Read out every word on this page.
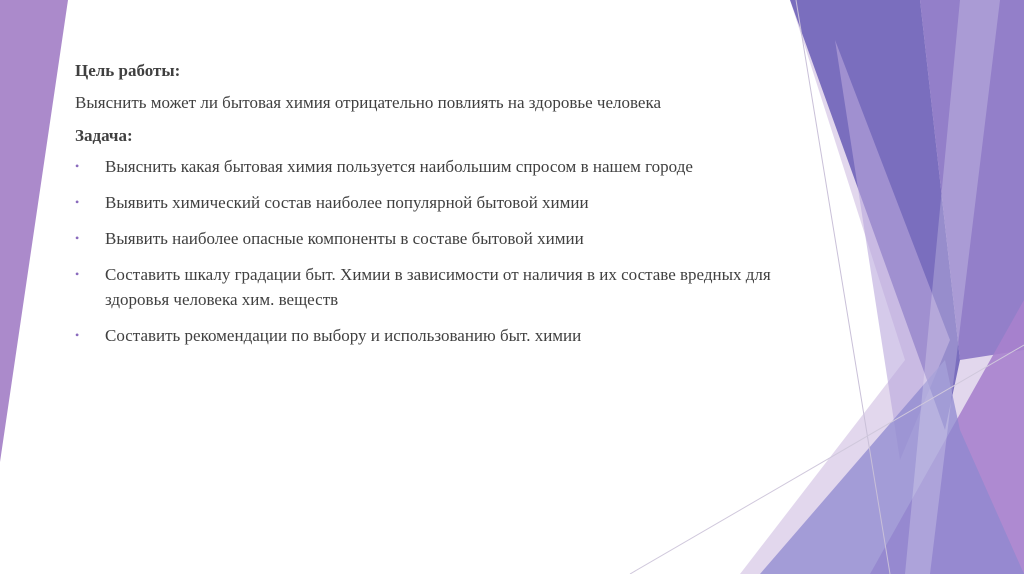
Цель работы:
Выяснить может ли бытовая химия отрицательно повлиять на здоровье человека
Задача:
• Выяснить какая бытовая химия пользуется наибольшим спросом в нашем городе
• Выявить химический состав наиболее популярной бытовой химии
• Выявить наиболее опасные компоненты в составе бытовой химии
• Составить шкалу градации быт. Химии в зависимости от наличия в их составе вредных для здоровья человека хим. веществ
• Составить рекомендации по выбору и использованию быт. химии
